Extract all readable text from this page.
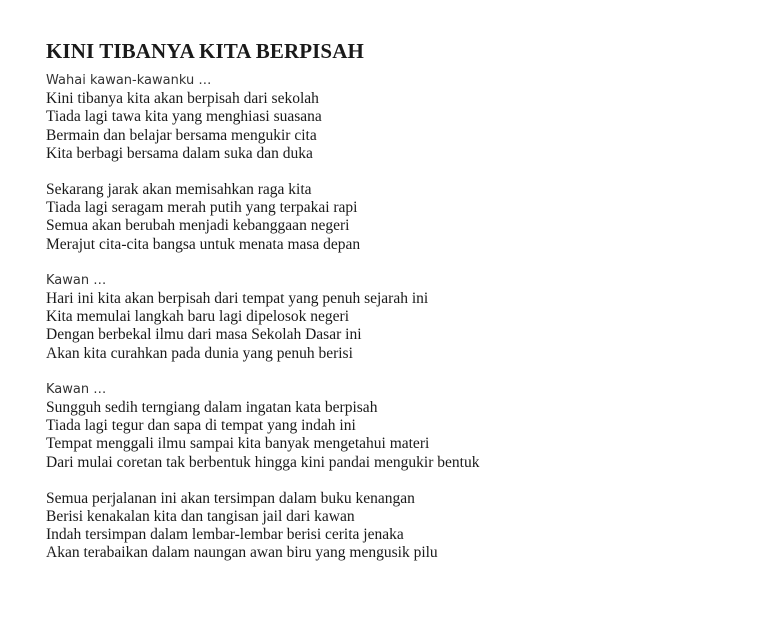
KINI TIBANYA KITA BERPISAH
Wahai kawan-kawanku …
Kini tibanya kita akan berpisah dari sekolah
Tiada lagi tawa kita yang menghiasi suasana
Bermain dan belajar bersama mengukir cita
Kita berbagi bersama dalam suka dan duka
Sekarang jarak akan memisahkan raga kita
Tiada lagi seragam merah putih yang terpakai rapi
Semua akan berubah menjadi kebanggaan negeri
Merajut cita-cita bangsa untuk menata masa depan
Kawan …
Hari ini kita akan berpisah dari tempat yang penuh sejarah ini
Kita memulai langkah baru lagi dipelosok negeri
Dengan berbekal ilmu dari masa Sekolah Dasar ini
Akan kita curahkan pada dunia yang penuh berisi
Kawan …
Sungguh sedih terngiang dalam ingatan kata berpisah
Tiada lagi tegur dan sapa di tempat yang indah ini
Tempat menggali ilmu sampai kita banyak mengetahui materi
Dari mulai coretan tak berbentuk hingga kini pandai mengukir bentuk
Semua perjalanan ini akan tersimpan dalam buku kenangan
Berisi kenakalan kita dan tangisan jail dari kawan
Indah tersimpan dalam lembar-lembar berisi cerita jenaka
Akan terabaikan dalam naungan awan biru yang mengusik pilu
